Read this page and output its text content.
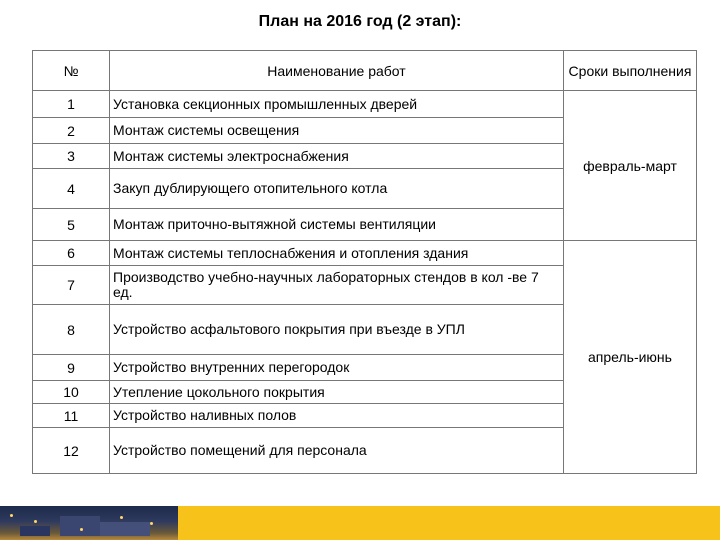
План на 2016 год (2 этап):
№	Наименование работ	Сроки выполнения
1	Установка секционных промышленных дверей	февраль-март
2	Монтаж системы освещения	
3	Монтаж системы электроснабжения	
4	Закуп дублирующего отопительного котла	
5	Монтаж приточно-вытяжной системы вентиляции	
6	Монтаж системы теплоснабжения и отопления здания	апрель-июнь
7	Производство учебно-научных лабораторных стендов в кол -ве 7 ед.	
8	Устройство асфальтового покрытия при въезде в УПЛ	
9	Устройство внутренних перегородок	
10	Утепление цокольного покрытия	
11	Устройство наливных полов	
12	Устройство помещений для персонала	
